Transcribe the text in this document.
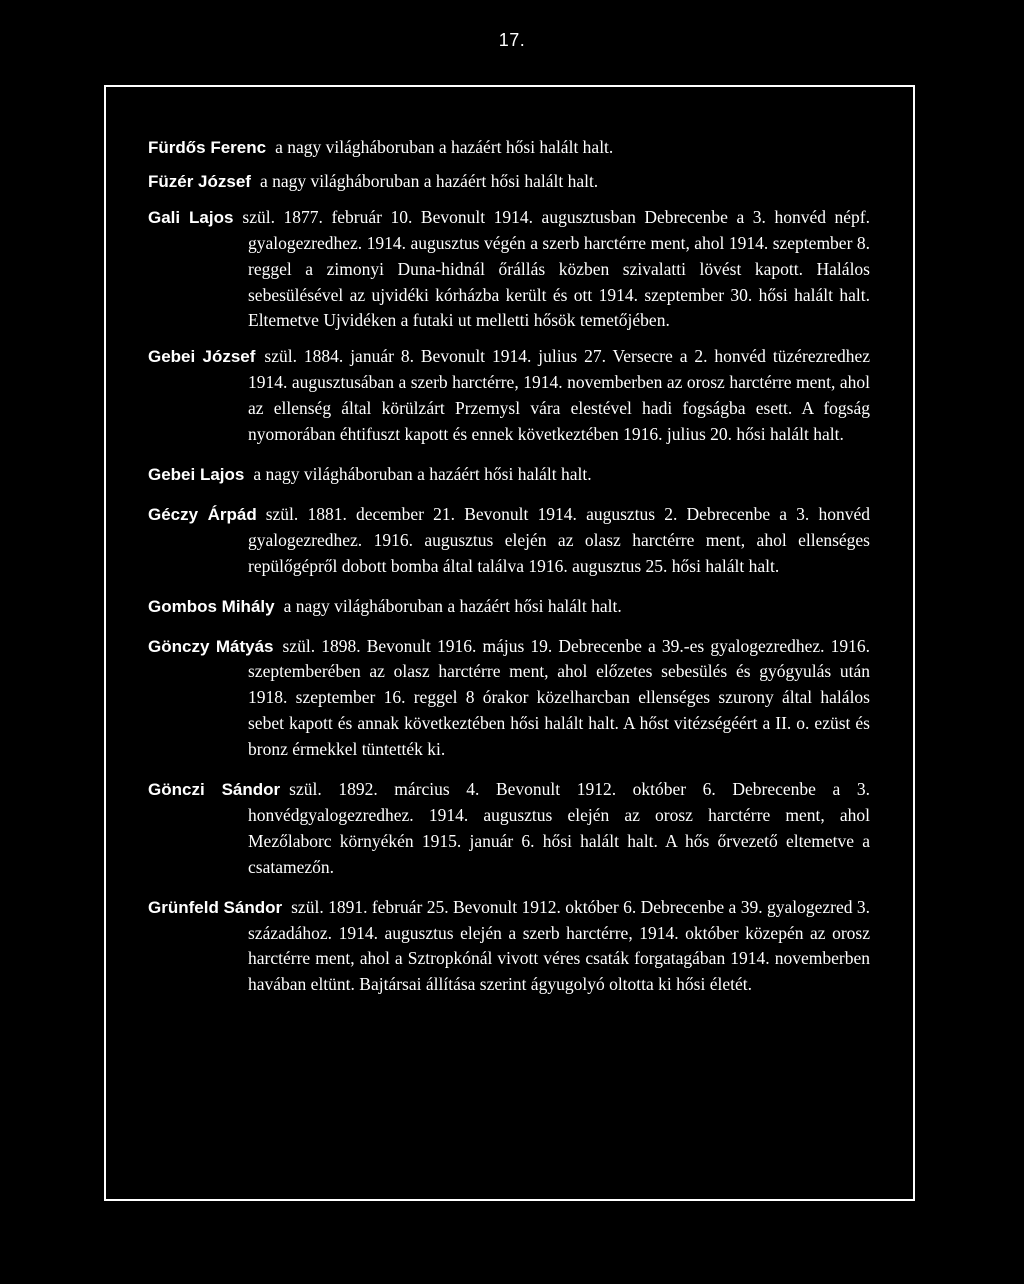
17.
Fürdős Ferenc a nagy világháboruban a hazáért hősi halált halt.
Füzér József a nagy világháboruban a hazáért hősi halált halt.
Gali Lajos szül. 1877. február 10. Bevonult 1914. augusztusban Debrecenbe a 3. honvéd népf. gyalogezredhez. 1914. augusztus végén a szerb harctérre ment, ahol 1914. szeptember 8. reggel a zimonyi Duna-hidnál őrállás közben szivalatti lövést kapott. Halálos sebesülésével az ujvidéki kórházba került és ott 1914. szeptember 30. hősi halált halt. Eltemetve Ujvidéken a futaki ut melletti hősök temetőjében.
Gebei József szül. 1884. január 8. Bevonult 1914. julius 27. Versecre a 2. honvéd tüzérezredhez 1914. augusztusában a szerb harctérre, 1914. novemberben az orosz harctérre ment, ahol az ellenség által körülzárt Przemysl vára elestével hadi fogságba esett. A fogság nyomorában éhtifuszt kapott és ennek következtében 1916. julius 20. hősi halált halt.
Gebei Lajos a nagy világháboruban a hazáért hősi halált halt.
Géczy Árpád szül. 1881. december 21. Bevonult 1914. augusztus 2. Debrecenbe a 3. honvéd gyalogezredhez. 1916. augusztus elején az olasz harctérre ment, ahol ellenséges repülőgépről dobott bomba által találva 1916. augusztus 25. hősi halált halt.
Gombos Mihály a nagy világháboruban a hazáért hősi halált halt.
Gönczy Mátyás szül. 1898. Bevonult 1916. május 19. Debrecenbe a 39.-es gyalogezredhez. 1916. szeptemberében az olasz harctérre ment, ahol előzetes sebesülés és gyógyulás után 1918. szeptember 16. reggel 8 órakor közelharcban ellenséges szurony által halálos sebet kapott és annak következtében hősi halált halt. A hőst vitézségéért a II. o. ezüst és bronz érmekkel tüntették ki.
Gönczi Sándor szül. 1892. március 4. Bevonult 1912. október 6. Debrecenbe a 3. honvédgyalogezredhez. 1914. augusztus elején az orosz harctérre ment, ahol Mezőlaborc környékén 1915. január 6. hősi halált halt. A hős őrvezető eltemetve a csatamezőn.
Grünfeld Sándor szül. 1891. február 25. Bevonult 1912. október 6. Debrecenbe a 39. gyalogezred 3. századához. 1914. augusztus elején a szerb harctérre, 1914. október közepén az orosz harctérre ment, ahol a Sztropkónál vivott véres csaták forgatagában 1914. novemberben havában eltünt. Bajtársai állítása szerint ágyugolyó oltotta ki hősi életét.
